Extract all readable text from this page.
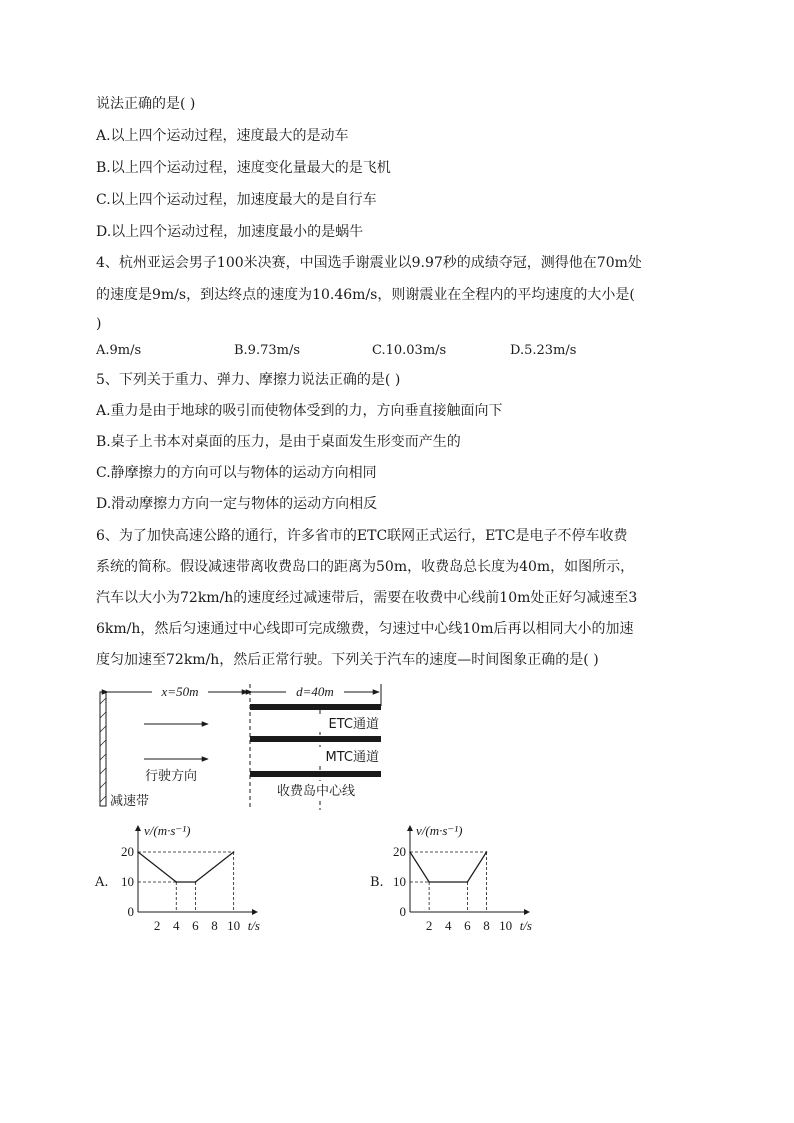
说法正确的是( )
A.以上四个运动过程，速度最大的是动车
B.以上四个运动过程，速度变化量最大的是飞机
C.以上四个运动过程，加速度最大的是自行车
D.以上四个运动过程，加速度最小的是蜗牛
4、杭州亚运会男子100米决赛，中国选手谢震业以9.97秒的成绩夺冠，测得他在70m处
的速度是9m/s，到达终点的速度为10.46m/s，则谢震业在全程内的平均速度的大小是(
)
A.9m/s	B.9.73m/s	C.10.03m/s	D.5.23m/s
5、下列关于重力、弹力、摩擦力说法正确的是( )
A.重力是由于地球的吸引而使物体受到的力，方向垂直接触面向下
B.桌子上书本对桌面的压力，是由于桌面发生形变而产生的
C.静摩擦力的方向可以与物体的运动方向相同
D.滑动摩擦力方向一定与物体的运动方向相反
6、为了加快高速公路的通行，许多省市的ETC联网正式运行，ETC是电子不停车收费
系统的简称。假设减速带离收费岛口的距离为50m，收费岛总长度为40m，如图所示，
汽车以大小为72km/h的速度经过减速带后，需要在收费中心线前10m处正好匀减速至3
6km/h，然后匀速通过中心线即可完成缴费，匀速过中心线10m后再以相同大小的加速
度匀加速至72km/h，然后正常行驶。下列关于汽车的速度—时间图象正确的是( )
x=50m	d=40m
ETC通道
MTC通道
行驶方向
减速带
收费岛中心线
A.
v/(m·s⁻¹)
t/s
0
10
20
2 4 6 8 10
B.
v/(m·s⁻¹)
t/s
0
10
20
2 4 6 8 10
